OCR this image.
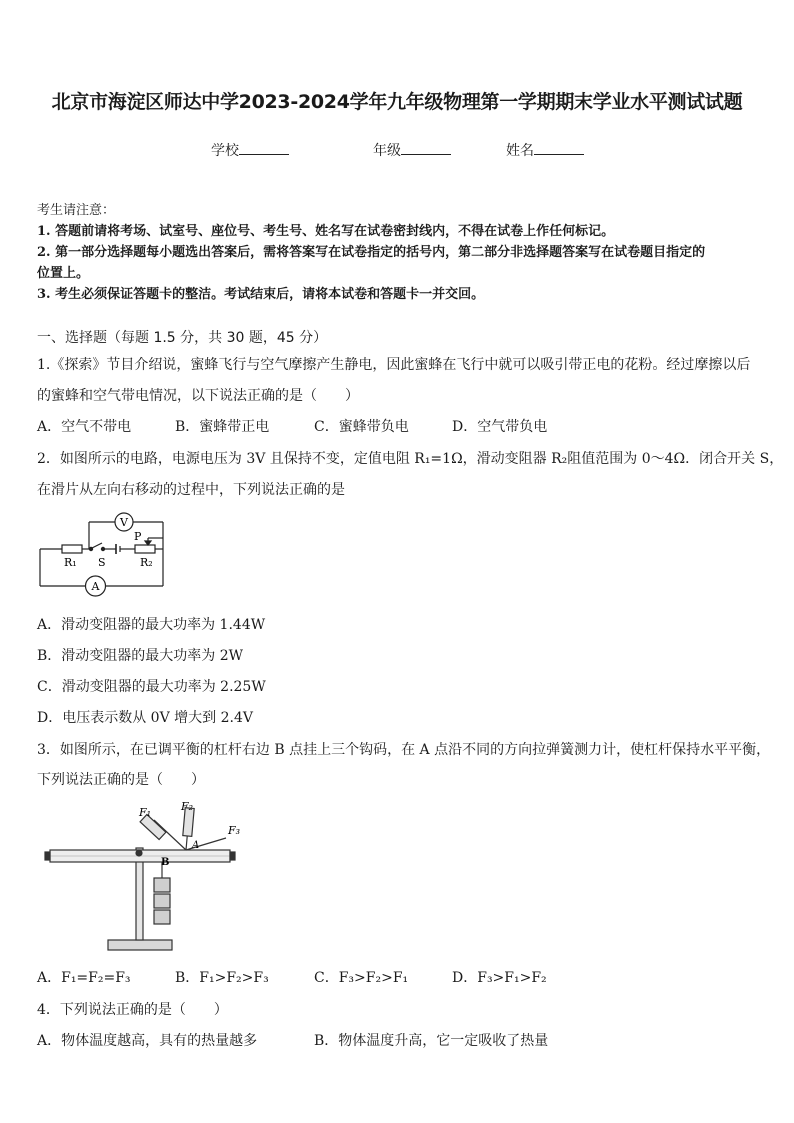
北京市海淀区师达中学2023-2024学年九年级物理第一学期期末学业水平测试试题
学校	年级	姓名
考生请注意：
1. 答题前请将考场、试室号、座位号、考生号、姓名写在试卷密封线内，不得在试卷上作任何标记。
2. 第一部分选择题每小题选出答案后，需将答案写在试卷指定的括号内，第二部分非选择题答案写在试卷题目指定的
位置上。
3. 考生必须保证答题卡的整洁。考试结束后，请将本试卷和答题卡一并交回。
一、选择题（每题 1.5 分，共 30 题，45 分）
1.《探索》节目介绍说，蜜蜂飞行与空气摩擦产生静电，因此蜜蜂在飞行中就可以吸引带正电的花粉。经过摩擦以后
的蜜蜂和空气带电情况，以下说法正确的是（　　）
A．空气不带电	B．蜜蜂带正电	C．蜜蜂带负电	D．空气带负电
2．如图所示的电路，电源电压为 3V 且保持不变，定值电阻 R₁=1Ω，滑动变阻器 R₂阻值范围为 0～4Ω．闭合开关 S，
在滑片从左向右移动的过程中，下列说法正确的是
V
A
P
R₁ S	R₂
A．滑动变阻器的最大功率为 1.44W
B．滑动变阻器的最大功率为 2W
C．滑动变阻器的最大功率为 2.25W
D．电压表示数从 0V 增大到 2.4V
3．如图所示，在已调平衡的杠杆右边 B 点挂上三个钩码，在 A 点沿不同的方向拉弹簧测力计，使杠杆保持水平平衡，
下列说法正确的是（　　）
F₁	F₂
F₃
A
B
A．F₁=F₂=F₃	B．F₁>F₂>F₃	C．F₃>F₂>F₁	D．F₃>F₁>F₂
4．下列说法正确的是（　　）
A．物体温度越高，具有的热量越多	B．物体温度升高，它一定吸收了热量
